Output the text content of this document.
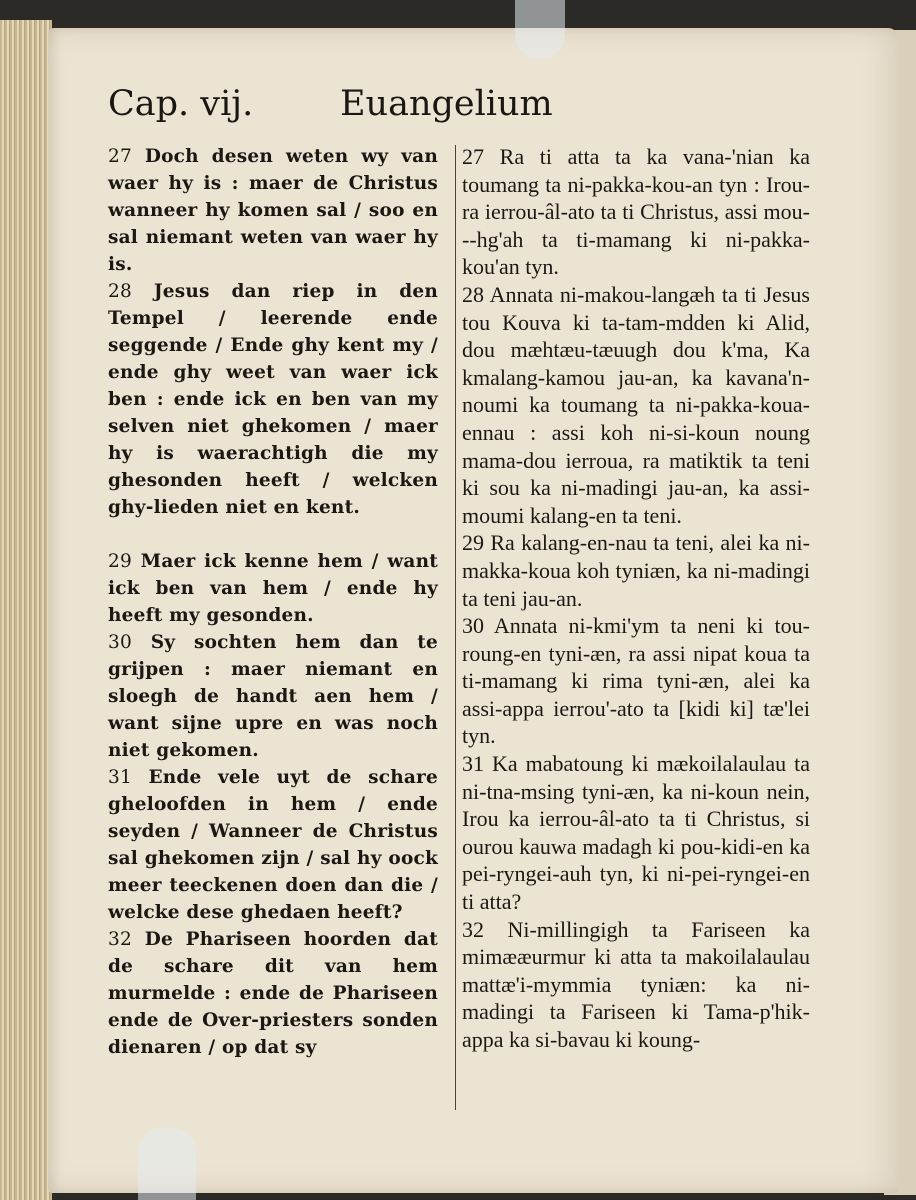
Cap. vij. Euangelium

27 Doch desen weten wy van waer hy is : maer de Christus wanneer hy komen sal / soo en sal niemant weten van waer hy is.

28 Jesus dan riep in den Tempel / leerende ende seggende / Ende ghy kent my / ende ghy weet van waer ick ben : ende ick en ben van my selven niet ghekomen / maer hy is waerachtigh die my ghesonden heeft / welcken ghy-lieden niet en kent.

29 Maer ick kenne hem / want ick ben van hem / ende hy heeft my gesonden.

30 Sy sochten hem dan te grijpen : maer niemant en sloegh de handt aen hem / want sijne upre en was noch niet gekomen.

31 Ende vele uyt de schare gheloofden in hem / ende seyden / Wanneer de Christus sal ghekomen zijn / sal hy oock meer teeckenen doen dan die / welcke dese ghedaen heeft?

32 De Phariseen hoorden dat de schare dit van hem murmelde : ende de Phariseen ende de Over-priesters sonden dienaren / op dat sy

27 Ra ti atta ta ka vana-'nian ka toumang ta ni-pakka-kou-an tyn : Irou-ra ierrou-âl-ato ta ti Christus, assi mou---hg'ah ta ti-mamang ki ni-pakka-kou'an tyn.

28 Annata ni-makou-langæh ta ti Jesus tou Kouva ki ta-tam-mdden ki Alid, dou mæhtæu-tæuugh dou k'ma, Ka kmalang-kamou jau-an, ka kavana'n-noumi ka toumang ta ni-pakka-koua-ennau : assi koh ni-si-koun noung mama-dou ierroua, ra matiktik ta teni ki sou ka ni-madingi jau-an, ka assi-moumi kalang-en ta teni.

29 Ra kalang-en-nau ta teni, alei ka ni-makka-koua koh tyniæn, ka ni-madingi ta teni jau-an.

30 Annata ni-kmi'ym ta neni ki tou-roung-en tyni-æn, ra assi nipat koua ta ti-mamang ki rima tyni-æn, alei ka assi-appa ierrou'-ato ta [kidi ki] tæ'lei tyn.

31 Ka mabatoung ki mækoilalaulau ta ni-tna-msing tyni-æn, ka ni-koun nein, Irou ka ierrou-âl-ato ta ti Christus, si ourou kauwa madagh ki pou-kidi-en ka pei-ryngei-auh tyn, ki ni-pei-ryngei-en ti atta?

32 Ni-millingigh ta Fariseen ka mimææurmur ki atta ta makoilalaulau mattæ'i-mymmia tyniæn: ka ni-madingi ta Fariseen ki Tama-p'hik-appa ka si-bavau ki koung-
